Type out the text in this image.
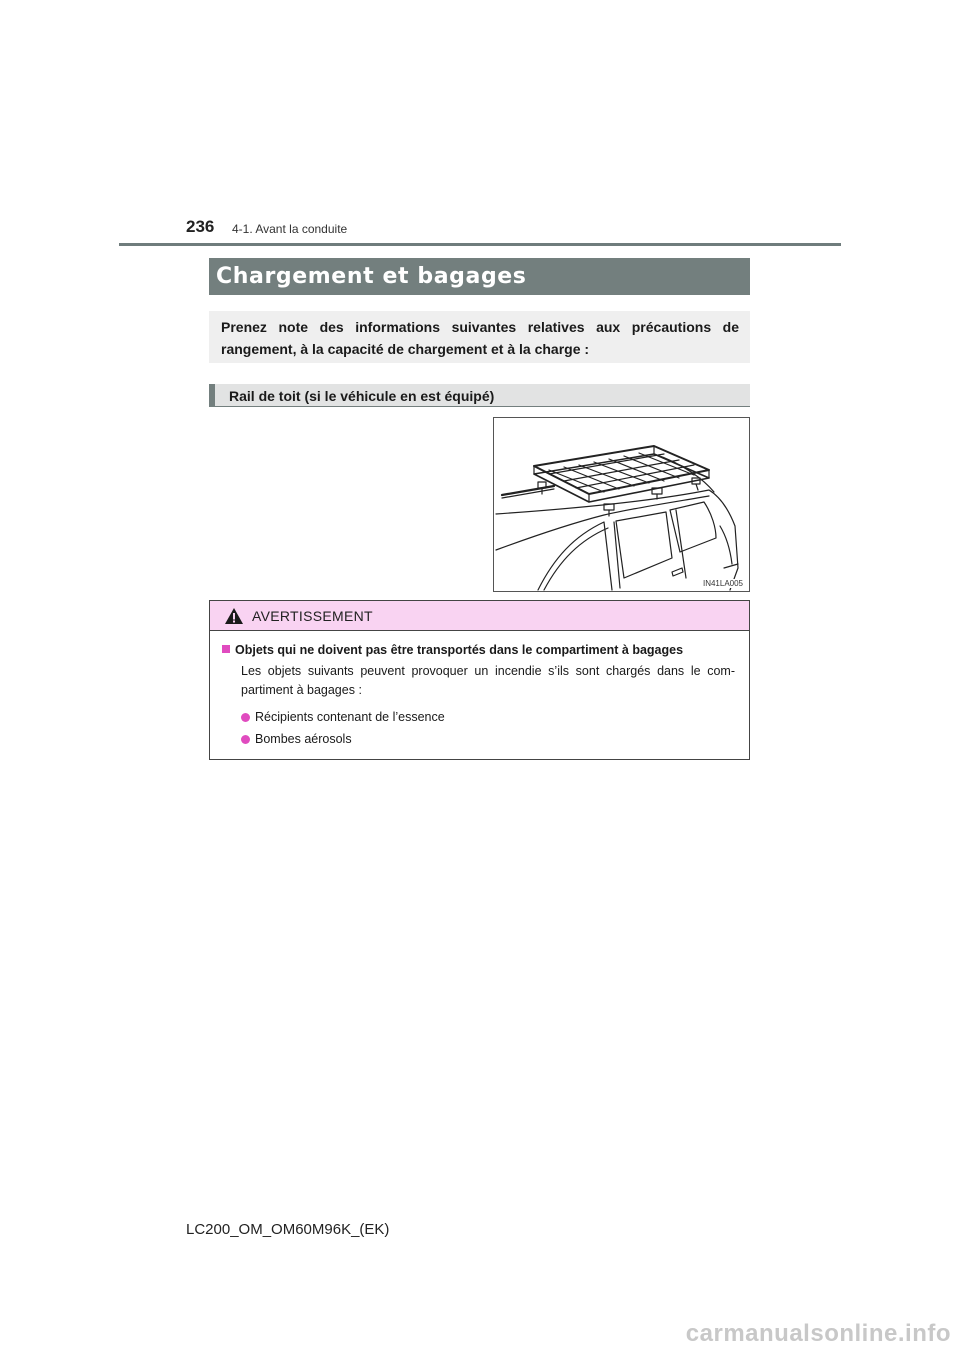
236 4-1. Avant la conduite
Chargement et bagages
Prenez note des informations suivantes relatives aux précautions de rangement, à la capacité de chargement et à la charge :
Rail de toit (si le véhicule en est équipé)
IN41LA005
AVERTISSEMENT
Objets qui ne doivent pas être transportés dans le compartiment à bagages
Les objets suivants peuvent provoquer un incendie s’ils sont chargés dans le com-partiment à bagages :
Récipients contenant de l’essence
Bombes aérosols
LC200_OM_OM60M96K_(EK)
carmanualsonline.info
